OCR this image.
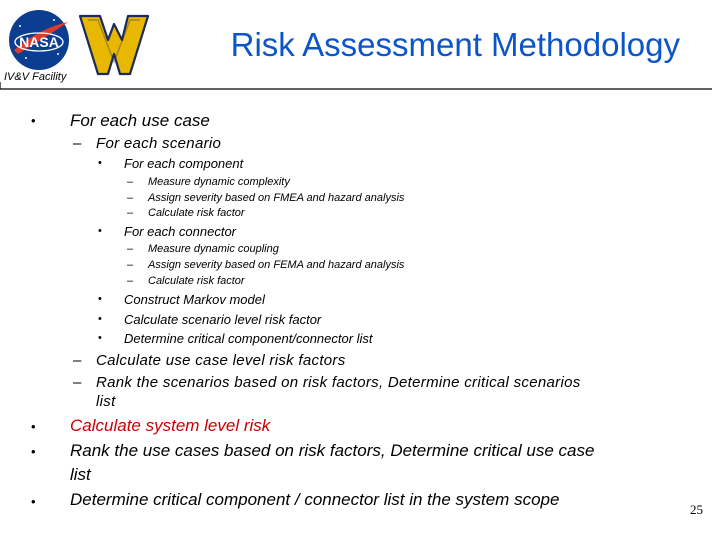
NASA
IV&V Facility
Risk Assessment Methodology
• For each use case
– For each scenario
• For each component
– Measure dynamic complexity
– Assign severity based on FMEA and hazard analysis
– Calculate risk factor
• For each connector
– Measure dynamic coupling
– Assign severity based on FEMA and hazard analysis
– Calculate risk factor
• Construct Markov model
• Calculate scenario level risk factor
• Determine critical component/connector list
– Calculate use case level risk factors
– Rank the scenarios based on risk factors, Determine critical scenarios
list
• Calculate system level risk
• Rank the use cases based on risk factors, Determine critical use case
list
• Determine critical component / connector list in the system scope
25
